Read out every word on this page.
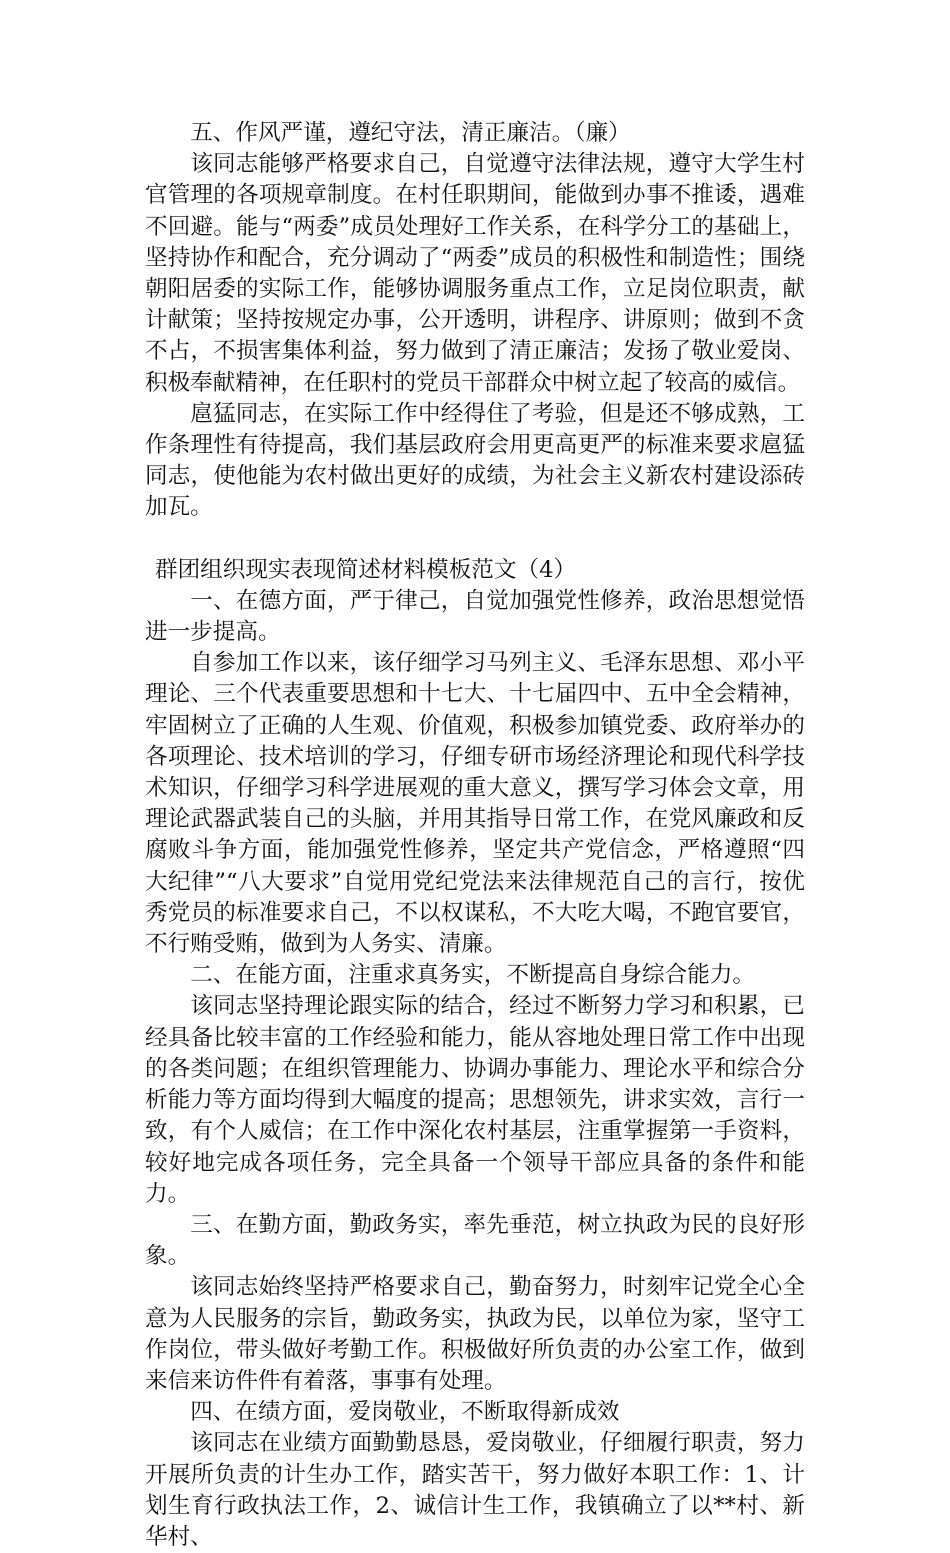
五、作风严谨，遵纪守法，清正廉洁。（廉）

该同志能够严格要求自己，自觉遵守法律法规，遵守大学生村官管理的各项规章制度。在村任职期间，能做到办事不推诿，遇难不回避。能与“两委”成员处理好工作关系，在科学分工的基础上，坚持协作和配合，充分调动了“两委”成员的积极性和制造性；围绕朝阳居委的实际工作，能够协调服务重点工作，立足岗位职责，献计献策；坚持按规定办事，公开透明，讲程序、讲原则；做到不贪不占，不损害集体利益，努力做到了清正廉洁；发扬了敬业爱岗、积极奉献精神，在任职村的党员干部群众中树立起了较高的威信。

扈猛同志，在实际工作中经得住了考验，但是还不够成熟，工作条理性有待提高，我们基层政府会用更高更严的标准来要求扈猛同志，使他能为农村做出更好的成绩，为社会主义新农村建设添砖加瓦。

群团组织现实表现简述材料模板范文（4）

一、在德方面，严于律己，自觉加强党性修养，政治思想觉悟进一步提高。

自参加工作以来，该仔细学习马列主义、毛泽东思想、邓小平理论、三个代表重要思想和十七大、十七届四中、五中全会精神，牢固树立了正确的人生观、价值观，积极参加镇党委、政府举办的各项理论、技术培训的学习，仔细专研市场经济理论和现代科学技术知识，仔细学习科学进展观的重大意义，撰写学习体会文章，用理论武器武装自己的头脑，并用其指导日常工作，在党风廉政和反腐败斗争方面，能加强党性修养，坚定共产党信念，严格遵照“四大纪律”“八大要求”自觉用党纪党法来法律规范自己的言行，按优秀党员的标准要求自己，不以权谋私，不大吃大喝，不跑官要官，不行贿受贿，做到为人务实、清廉。

二、在能方面，注重求真务实，不断提高自身综合能力。

该同志坚持理论跟实际的结合，经过不断努力学习和积累，已经具备比较丰富的工作经验和能力，能从容地处理日常工作中出现的各类问题；在组织管理能力、协调办事能力、理论水平和综合分析能力等方面均得到大幅度的提高；思想领先，讲求实效，言行一致，有个人威信；在工作中深化农村基层，注重掌握第一手资料，较好地完成各项任务，完全具备一个领导干部应具备的条件和能力。

三、在勤方面，勤政务实，率先垂范，树立执政为民的良好形象。

该同志始终坚持严格要求自己，勤奋努力，时刻牢记党全心全意为人民服务的宗旨，勤政务实，执政为民，以单位为家，坚守工作岗位，带头做好考勤工作。积极做好所负责的办公室工作，做到来信来访件件有着落，事事有处理。

四、在绩方面，爱岗敬业，不断取得新成效

该同志在业绩方面勤勤恳恳，爱岗敬业，仔细履行职责，努力开展所负责的计生办工作，踏实苦干，努力做好本职工作：1、计划生育行政执法工作，2、诚信计生工作，我镇确立了以**村、新华村、
